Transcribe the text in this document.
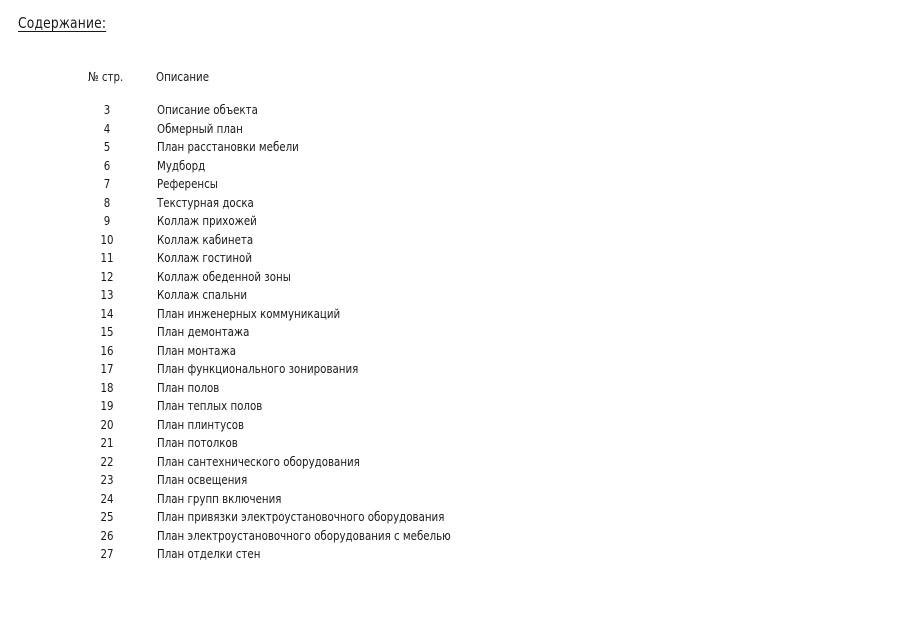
Содержание:
№ стр.	Описание
3	Описание объекта
4	Обмерный план
5	План расстановки мебели
6	Мудборд
7	Референсы
8	Текстурная доска
9	Коллаж прихожей
10	Коллаж кабинета
11	Коллаж гостиной
12	Коллаж обеденной зоны
13	Коллаж спальни
14	План инженерных коммуникаций
15	План демонтажа
16	План монтажа
17	План функционального зонирования
18	План полов
19	План теплых полов
20	План плинтусов
21	План потолков
22	План сантехнического оборудования
23	План освещения
24	План групп включения
25	План привязки электроустановочного оборудования
26	План электроустановочного оборудования с мебелью
27	План отделки стен
